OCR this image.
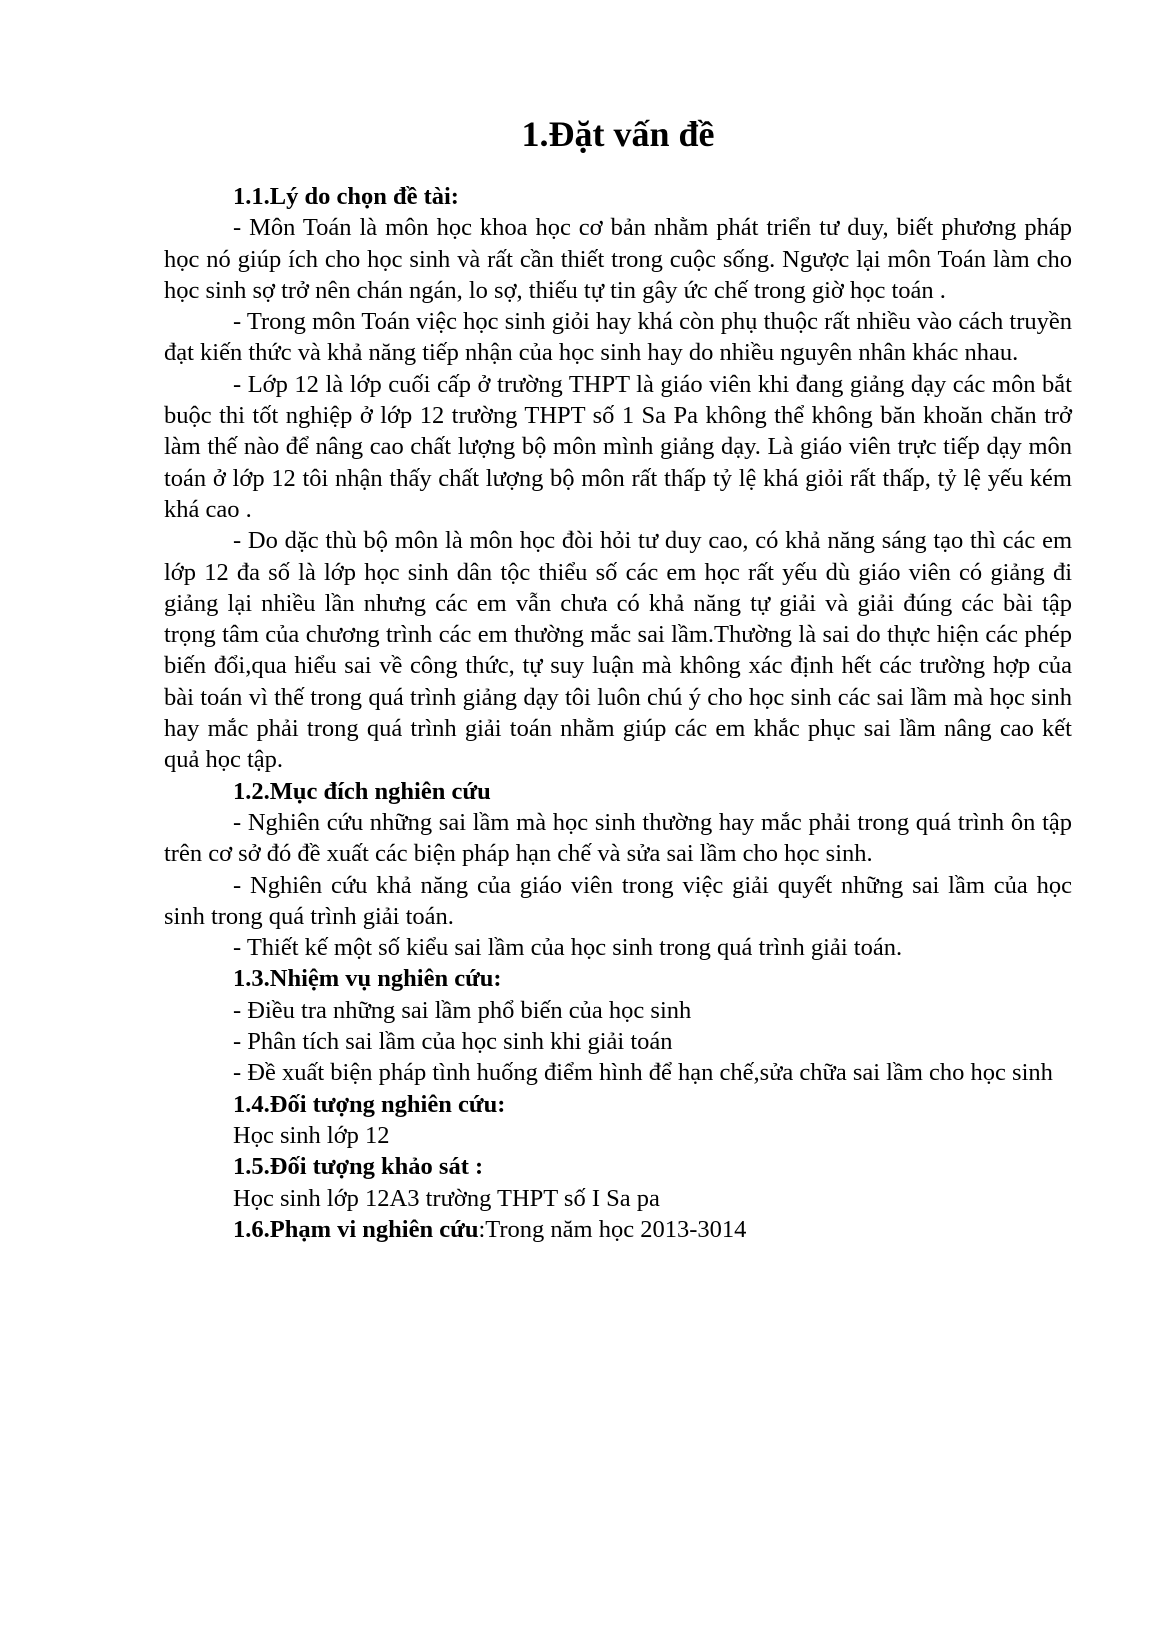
1.Đặt vấn đề

1.1.Lý do chọn đề tài:

- Môn Toán là môn học khoa học cơ bản nhằm phát triển tư duy, biết phương pháp học nó giúp ích cho học sinh và rất cần thiết trong cuộc sống. Ngược lại môn Toán làm cho học sinh sợ trở nên chán ngán, lo sợ, thiếu tự tin gây ức chế trong giờ học toán .

- Trong môn Toán việc học sinh giỏi hay khá còn phụ thuộc rất nhiều vào cách truyền đạt kiến thức và khả năng tiếp nhận của học sinh hay do nhiều nguyên nhân khác nhau.

- Lớp 12 là lớp cuối cấp ở trường THPT là giáo viên khi đang giảng dạy các môn bắt buộc thi tốt nghiệp ở lớp 12 trường THPT số 1 Sa Pa không thể không băn khoăn chăn trở làm thế nào để nâng cao chất lượng bộ môn mình giảng dạy. Là giáo viên trực tiếp dạy môn toán ở lớp 12 tôi nhận thấy chất lượng bộ môn rất thấp tỷ lệ khá giỏi rất thấp, tỷ lệ yếu kém khá cao .

- Do dặc thù bộ môn là môn học đòi hỏi tư duy cao, có khả năng sáng tạo thì các em lớp 12 đa số là lớp học sinh dân tộc thiểu số các em học rất yếu dù giáo viên có giảng đi giảng lại nhiều lần nhưng các em vẫn chưa có khả năng tự giải và giải đúng các bài tập trọng tâm của chương trình các em thường mắc sai lầm.Thường là sai do thực hiện các phép biến đổi,qua hiểu sai về công thức, tự suy luận mà không xác định hết các trường hợp của bài toán vì thế trong quá trình giảng dạy tôi luôn chú ý cho học sinh các sai lầm mà học sinh hay mắc phải trong quá trình giải toán nhằm giúp các em khắc phục sai lầm nâng cao kết quả học tập.

1.2.Mục đích nghiên cứu

- Nghiên cứu những sai lầm mà học sinh thường hay mắc phải trong quá trình ôn tập trên cơ sở đó đề xuất các biện pháp hạn chế và sửa sai lầm cho học sinh.

- Nghiên cứu khả năng của giáo viên trong việc giải quyết những sai lầm của học sinh trong quá trình giải toán.

- Thiết kế một số kiểu sai lầm của học sinh trong quá trình giải toán.

1.3.Nhiệm vụ nghiên cứu:

- Điều tra những sai lầm phổ biến của học sinh

- Phân tích sai lầm của học sinh khi giải toán

- Đề xuất biện pháp tình huống điểm hình để hạn chế,sửa chữa sai lầm cho học sinh

1.4.Đối tượng nghiên cứu:

Học sinh lớp 12

1.5.Đối tượng khảo sát :

Học sinh lớp 12A3 trường THPT số I Sa pa

1.6.Phạm vi nghiên cứu:Trong năm học 2013-3014
